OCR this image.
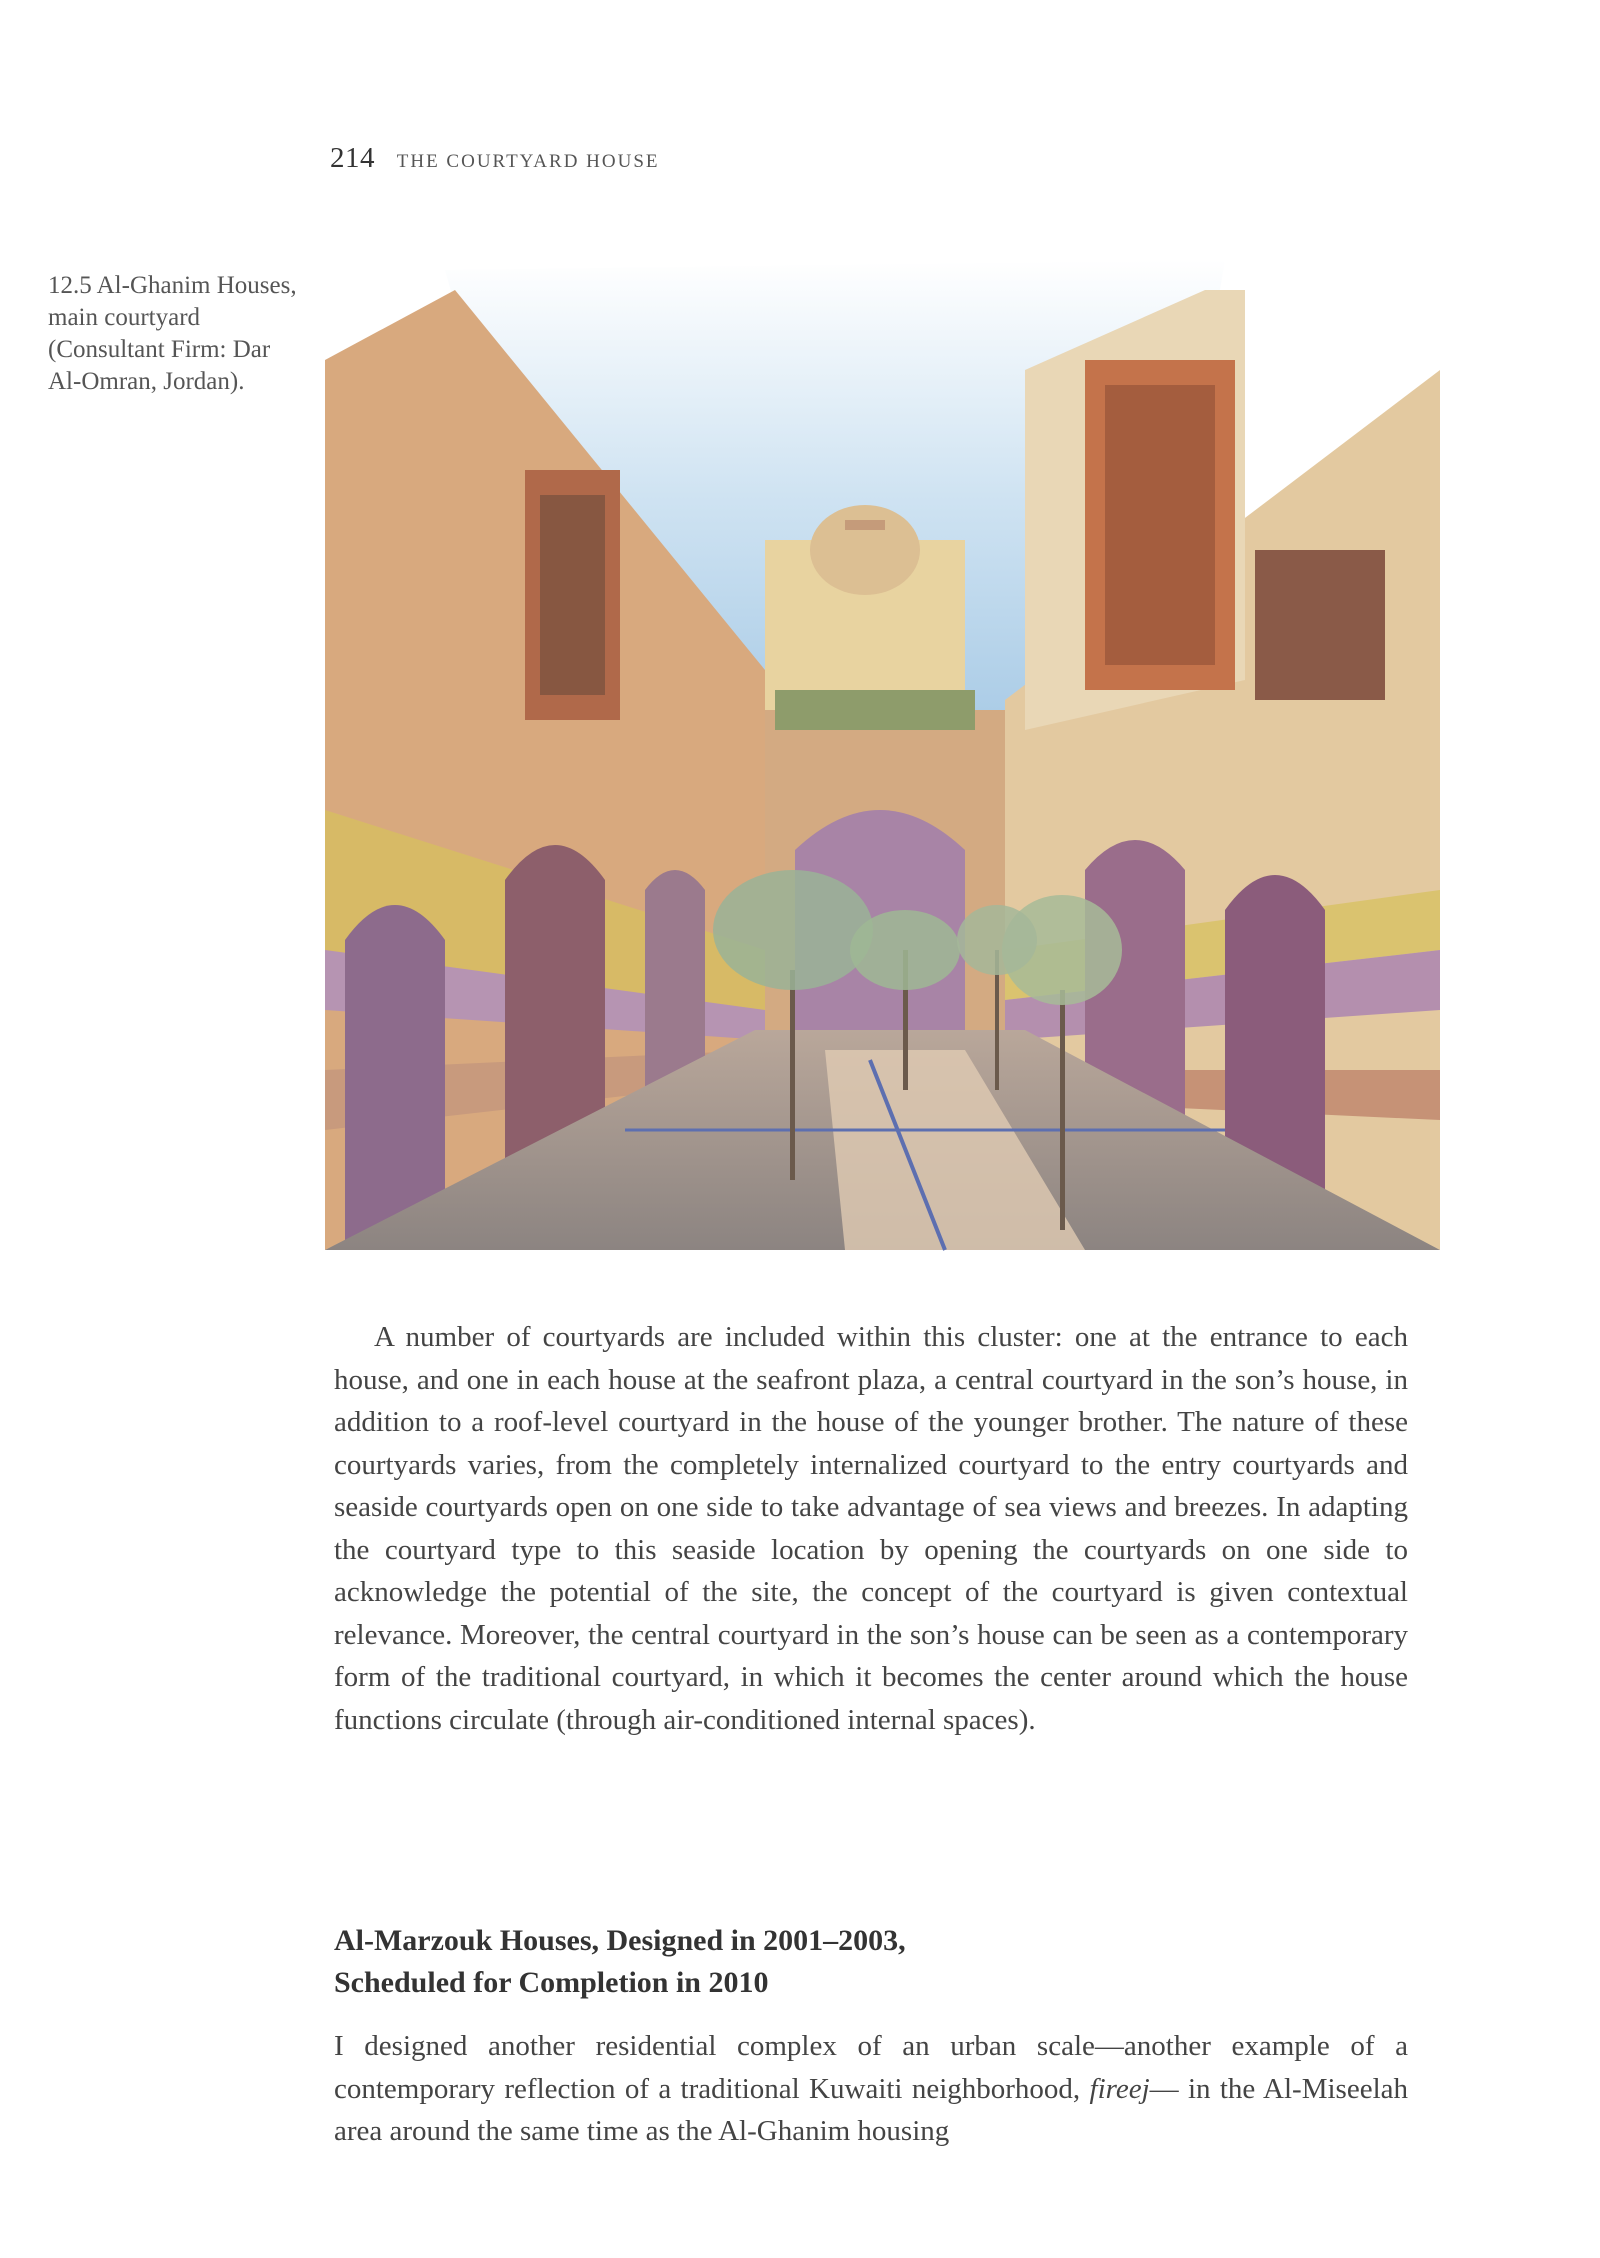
214 THE COURTYARD HOUSE
12.5 Al-Ghanim Houses, main courtyard (Consultant Firm: Dar Al-Omran, Jordan).

A number of courtyards are included within this cluster: one at the entrance to each house, and one in each house at the seafront plaza, a central courtyard in the son’s house, in addition to a roof-level courtyard in the house of the younger brother. The nature of these courtyards varies, from the completely internalized courtyard to the entry courtyards and seaside courtyards open on one side to take advantage of sea views and breezes. In adapting the courtyard type to this seaside location by opening the courtyards on one side to acknowledge the potential of the site, the concept of the courtyard is given contextual relevance. Moreover, the central courtyard in the son’s house can be seen as a contemporary form of the traditional courtyard, in which it becomes the center around which the house functions circulate (through air-conditioned internal spaces).

Al-Marzouk Houses, Designed in 2001–2003,
Scheduled for Completion in 2010

I designed another residential complex of an urban scale—another example of a contemporary reflection of a traditional Kuwaiti neighborhood, fireej— in the Al-Miseelah area around the same time as the Al-Ghanim housing
